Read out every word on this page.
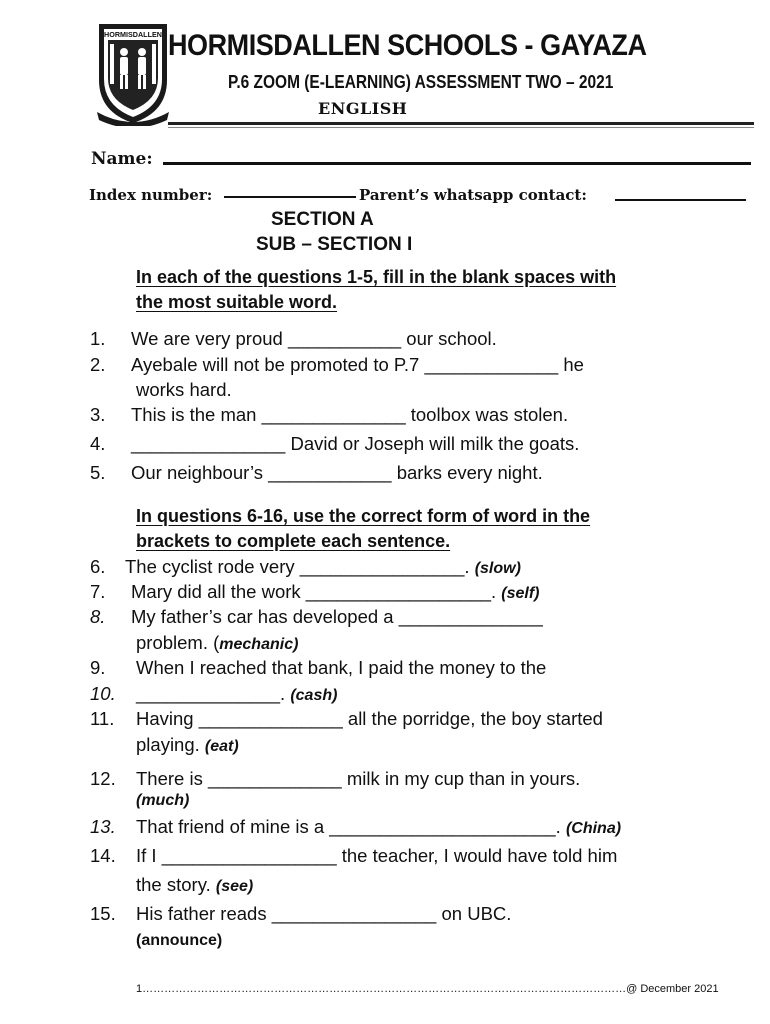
HORMISDALLEN HORMISDALLEN SCHOOLS - GAYAZA
P.6 ZOOM (E-LEARNING) ASSESSMENT TWO – 2021
ENGLISH
Name:
Index number:	Parent’s whatsapp contact:
SECTION A
SUB – SECTION I
In each of the questions 1-5, fill in the blank spaces with
the most suitable word.
1. We are very proud ___________ our school.
2. Ayebale will not be promoted to P.7 _____________ he
works hard.
3. This is the man ______________ toolbox was stolen.
4. _______________ David or Joseph will milk the goats.
5. Our neighbour’s ____________ barks every night.
In questions 6-16, use the correct form of word in the
brackets to complete each sentence.
6. The cyclist rode very ________________. (slow)
7. Mary did all the work __________________. (self)
8. My father’s car has developed a ______________
problem. (mechanic)
9. When I reached that bank, I paid the money to the
10. ______________. (cash)
11. Having ______________ all the porridge, the boy started
playing. (eat)
12. There is _____________ milk in my cup than in yours.
(much)
13. That friend of mine is a ______________________. (China)
14. If I _________________ the teacher, I would have told him
the story. (see)
15. His father reads ________________ on UBC.
(announce)
1……………………………………………………………………………………………………………………@ December 2021
